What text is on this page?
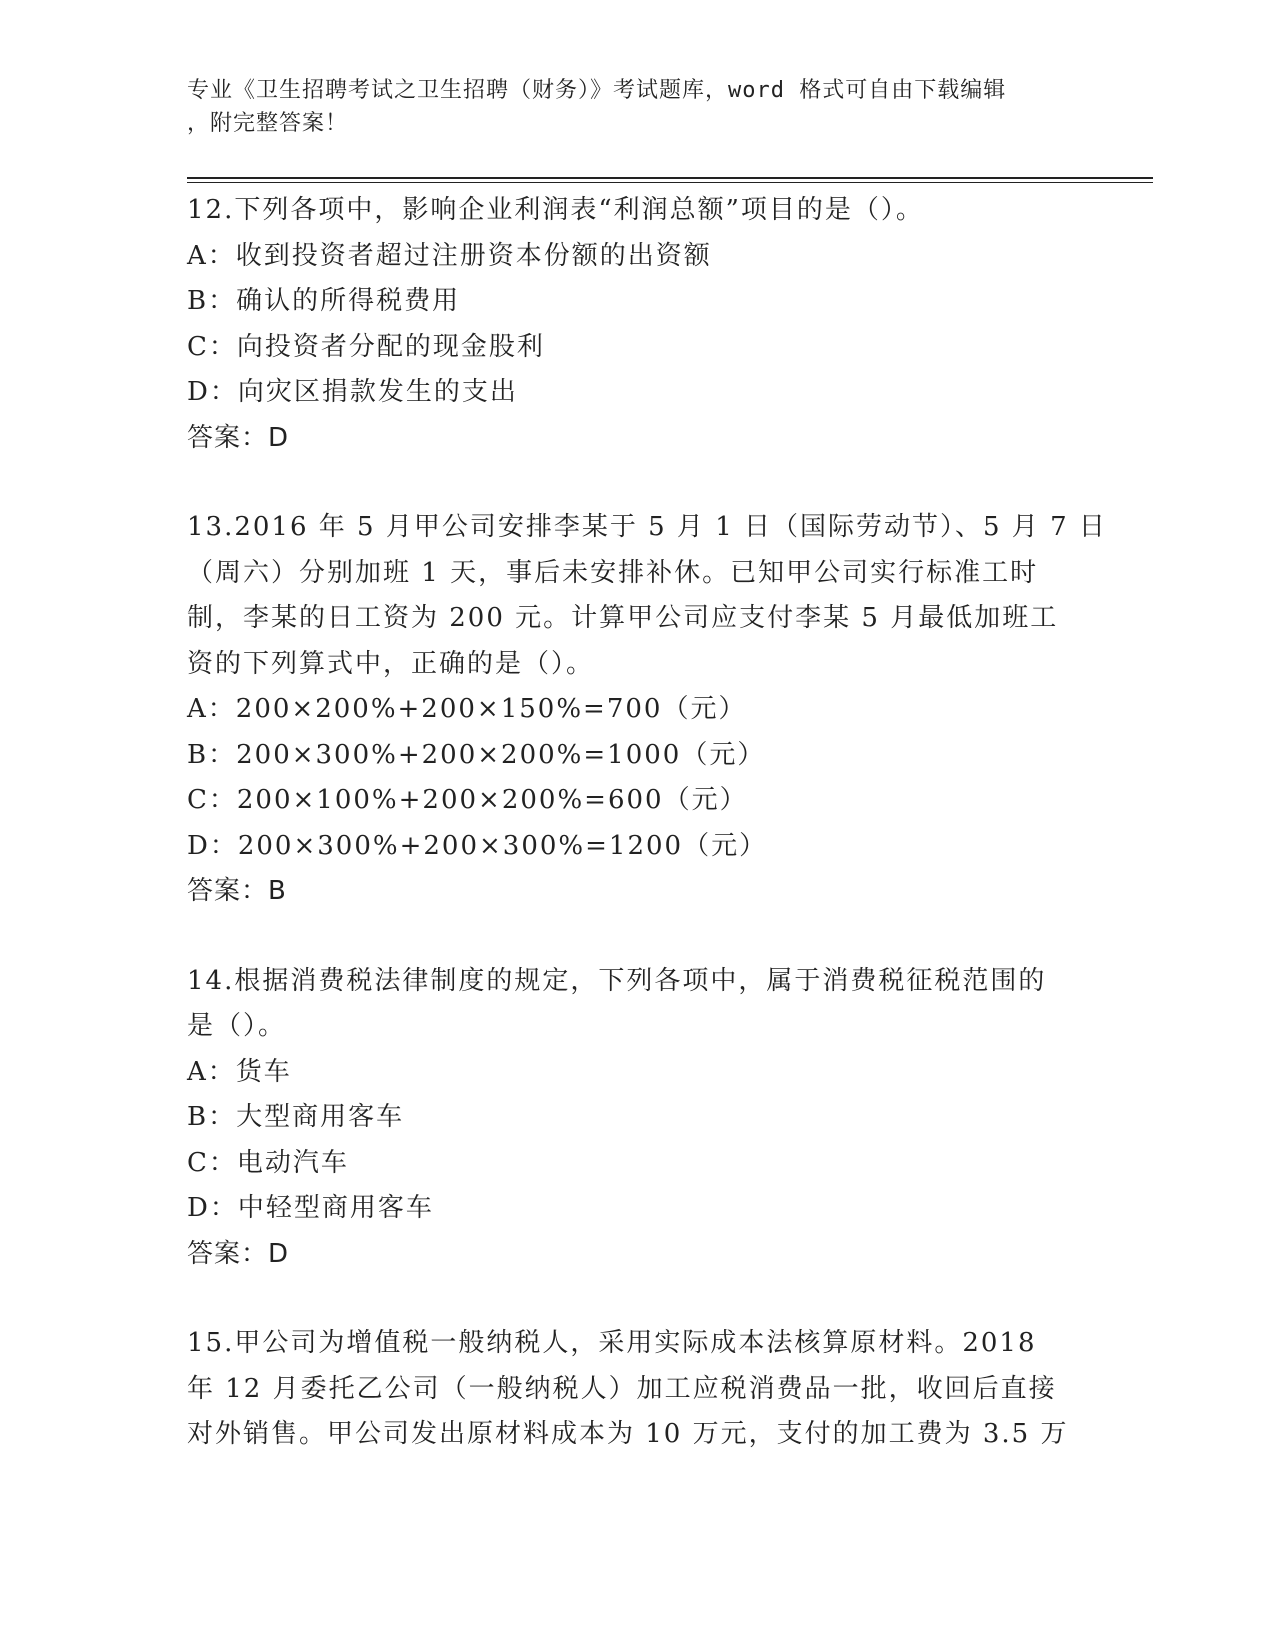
专业《卫生招聘考试之卫生招聘（财务）》考试题库，word 格式可自由下载编辑
，附完整答案！
12.下列各项中，影响企业利润表“利润总额”项目的是（）。
A：收到投资者超过注册资本份额的出资额
B：确认的所得税费用
C：向投资者分配的现金股利
D：向灾区捐款发生的支出
答案：D
13.2016 年 5 月甲公司安排李某于 5 月 1 日（国际劳动节）、5 月 7 日
（周六）分别加班 1 天，事后未安排补休。已知甲公司实行标准工时
制，李某的日工资为 200 元。计算甲公司应支付李某 5 月最低加班工
资的下列算式中，正确的是（）。
A：200×200%+200×150%=700（元）
B：200×300%+200×200%=1000（元）
C：200×100%+200×200%=600（元）
D：200×300%+200×300%=1200（元）
答案：B
14.根据消费税法律制度的规定，下列各项中，属于消费税征税范围的
是（）。
A：货车
B：大型商用客车
C：电动汽车
D：中轻型商用客车
答案：D
15.甲公司为增值税一般纳税人，采用实际成本法核算原材料。2018
年 12 月委托乙公司（一般纳税人）加工应税消费品一批，收回后直接
对外销售。甲公司发出原材料成本为 10 万元，支付的加工费为 3.5 万
